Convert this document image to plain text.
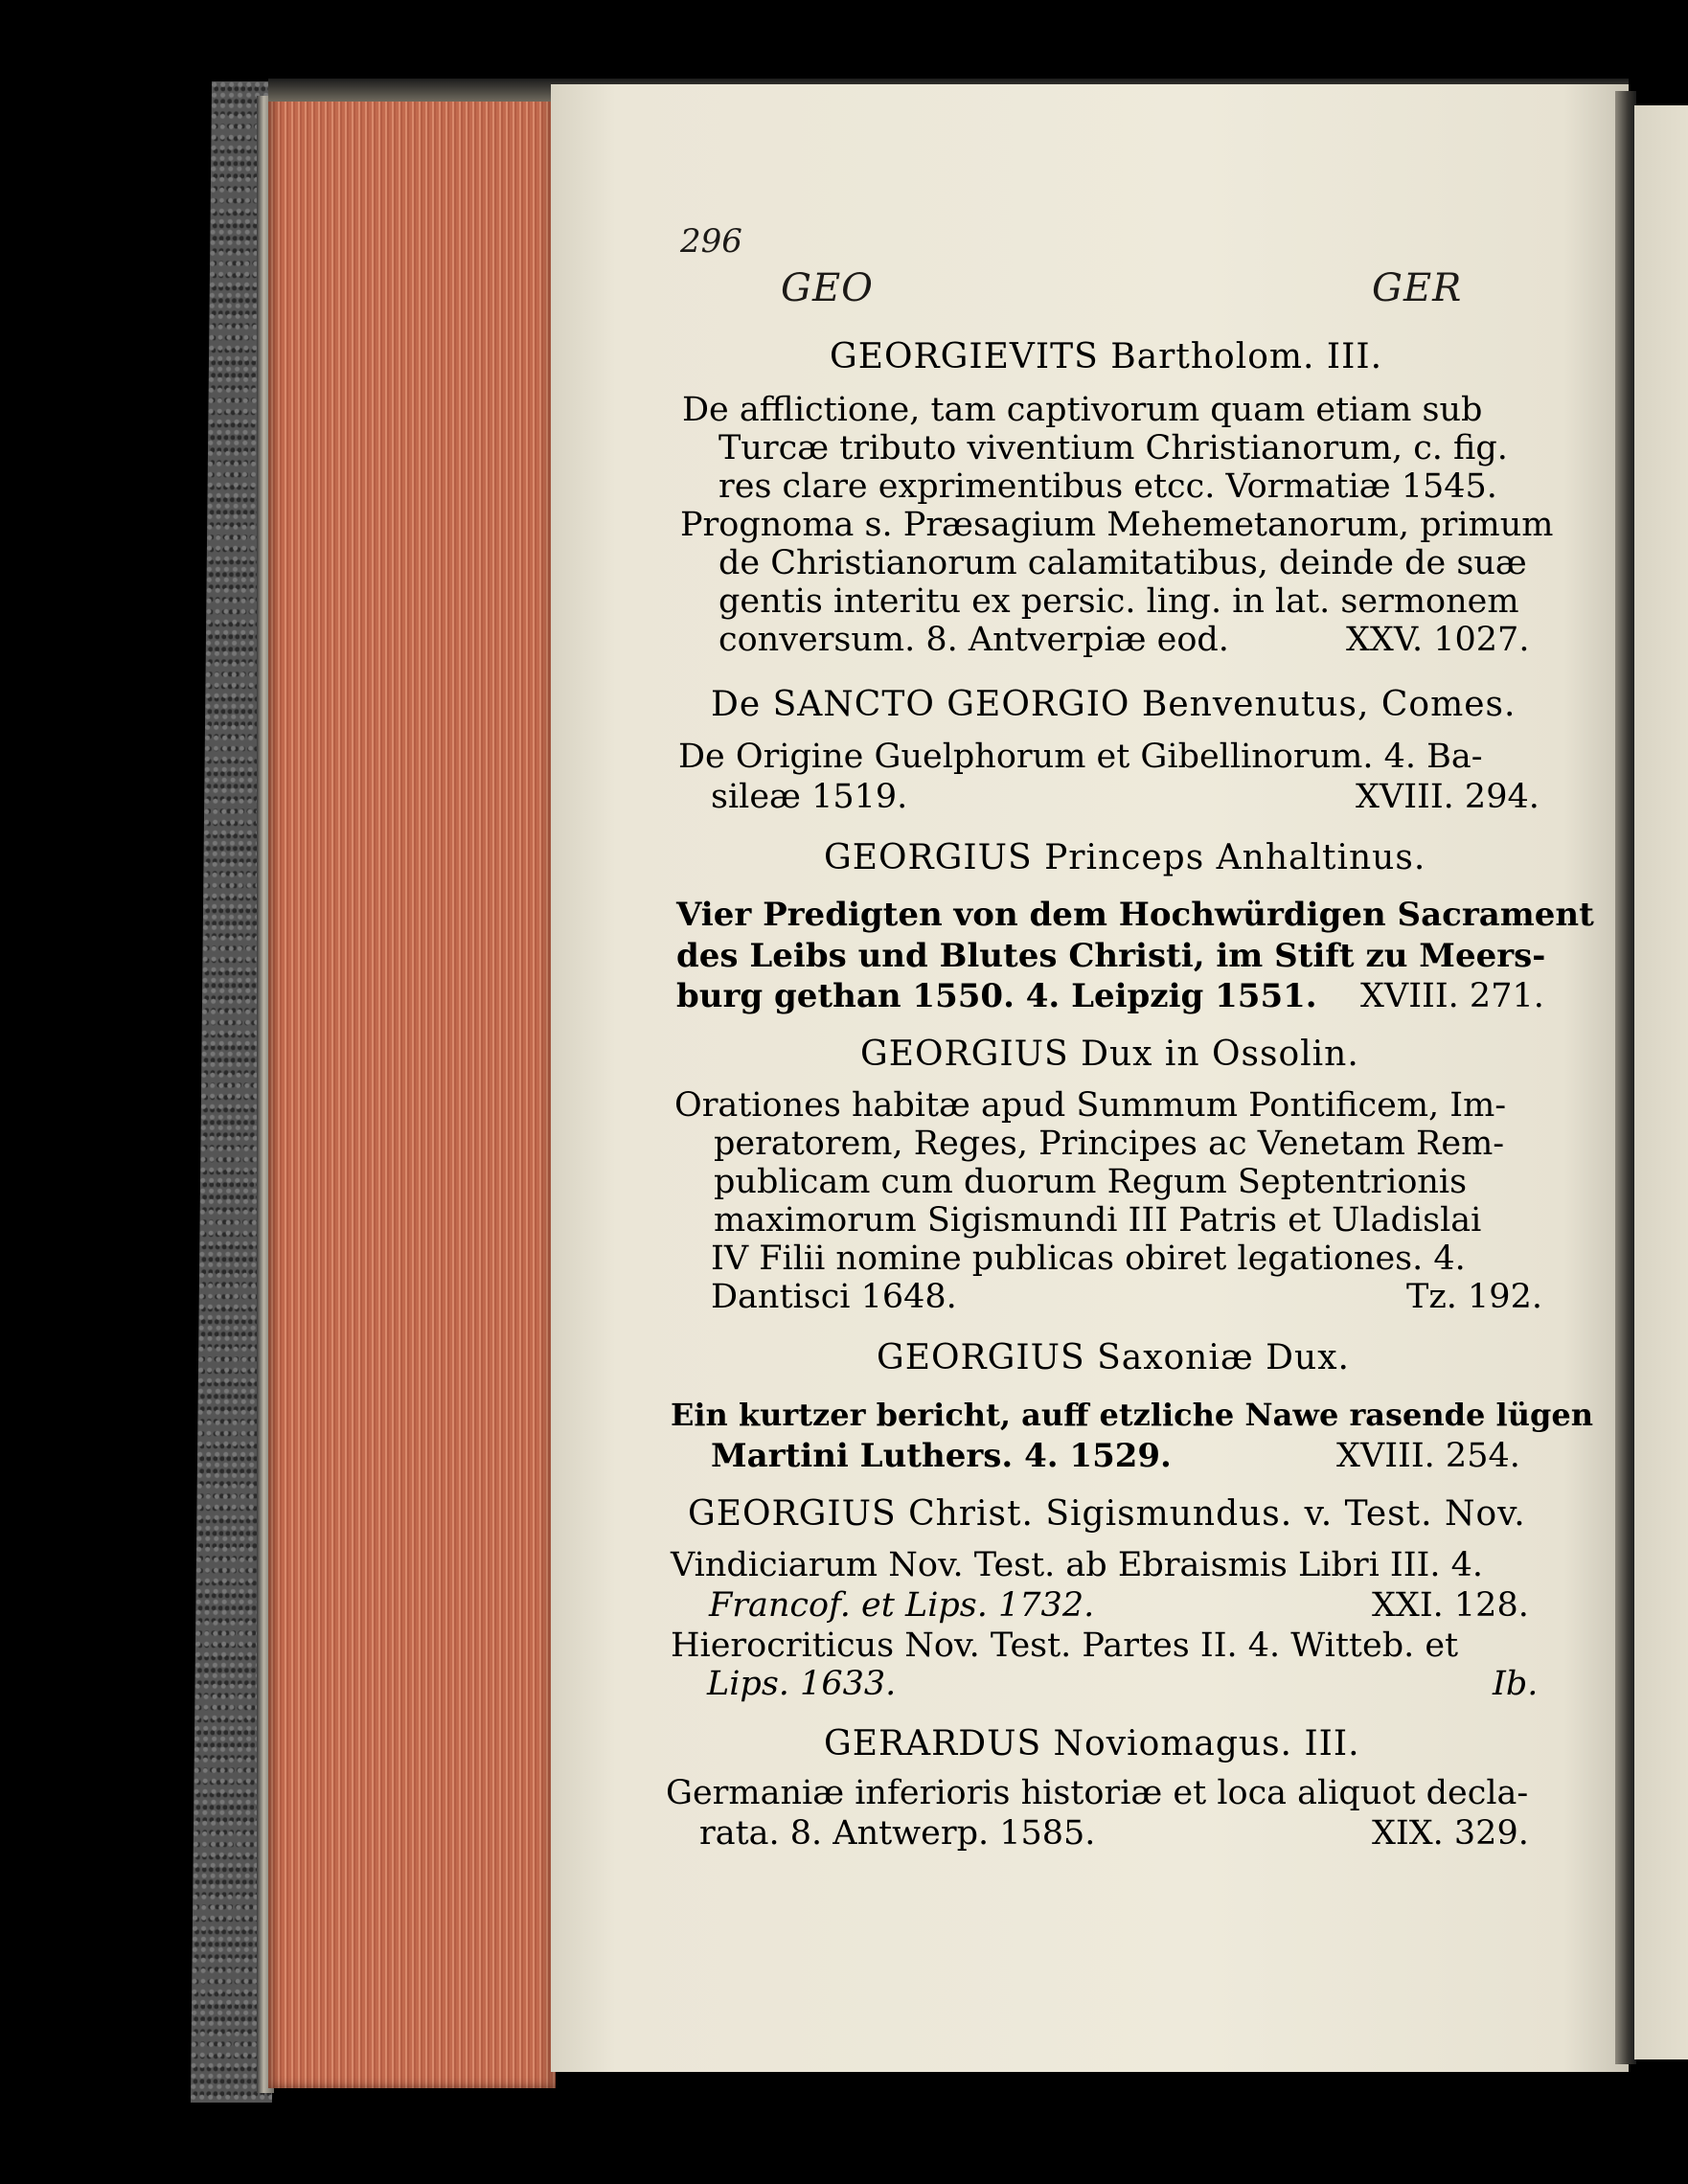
296
GEO	GER
GEORGIEVITS Bartholom. III.
De afflictione, tam captivorum quam etiam sub
Turcæ tributo viventium Christianorum, c. fig.
res clare exprimentibus etcc. Vormatiæ 1545.
Prognoma s. Præsagium Mehemetanorum, primum
de Christianorum calamitatibus, deinde de suæ
gentis interitu ex persic. ling. in lat. sermonem
conversum. 8. Antverpiæ eod.	XXV. 1027.
De SANCTO GEORGIO Benvenutus, Comes.
De Origine Guelphorum et Gibellinorum. 4. Ba-
sileæ 1519.	XVIII. 294.
GEORGIUS Princeps Anhaltinus.
Vier Predigten von dem Hochwürdigen Sacrament
des Leibs und Blutes Christi, im Stift zu Meers-
burg gethan 1550. 4. Leipzig 1551. XVIII. 271.
GEORGIUS Dux in Ossolin.
Orationes habitæ apud Summum Pontificem, Im-
peratorem, Reges, Principes ac Venetam Rem-
publicam cum duorum Regum Septentrionis
maximorum Sigismundi III Patris et Uladislai
IV Filii nomine publicas obiret legationes. 4.
Dantisci 1648.	Tz. 192.
GEORGIUS Saxoniæ Dux.
Ein kurtzer bericht, auff etzliche Nawe rasende lügen
Martini Luthers. 4. 1529.	XVIII. 254.
GEORGIUS Christ. Sigismundus. v. Test. Nov.
Vindiciarum Nov. Test. ab Ebraismis Libri III. 4.
Francof. et Lips. 1732.	XXI. 128.
Hierocriticus Nov. Test. Partes II. 4. Witteb. et
Lips. 1633.	Ib.
GERARDUS Noviomagus. III.
Germaniæ inferioris historiæ et loca aliquot decla-
rata. 8. Antwerp. 1585.	XIX. 329.
